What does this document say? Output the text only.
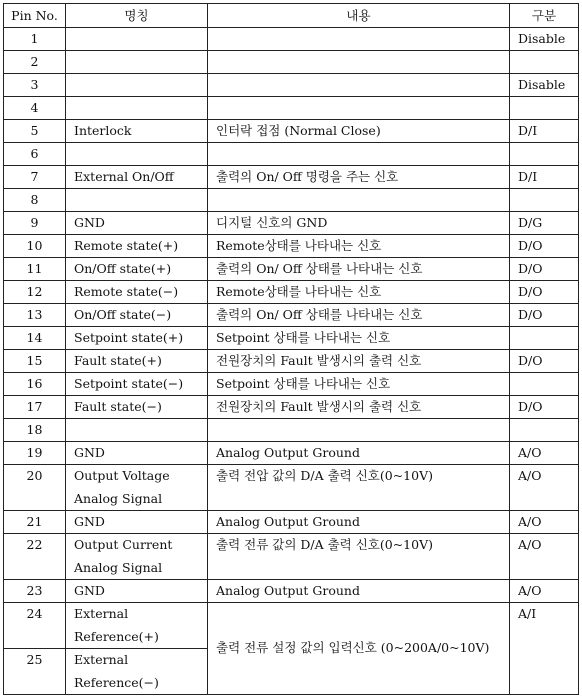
Pin No.	명칭	내용	구분
1			Disable
2			
3			Disable
4			
5	Interlock	인터락 접점 (Normal Close)	D/I
6			
7	External On/Off	출력의 On/ Off 명령을 주는 신호	D/I
8			
9	GND	디지털 신호의 GND	D/G
10	Remote state(+)	Remote상태를 나타내는 신호	D/O
11	On/Off state(+)	출력의 On/ Off 상태를 나타내는 신호	D/O
12	Remote state(−)	Remote상태를 나타내는 신호	D/O
13	On/Off state(−)	출력의 On/ Off 상태를 나타내는 신호	D/O
14	Setpoint state(+)	Setpoint 상태를 나타내는 신호	
15	Fault state(+)	전원장치의 Fault 발생시의 출력 신호	D/O
16	Setpoint state(−)	Setpoint 상태를 나타내는 신호	
17	Fault state(−)	전원장치의 Fault 발생시의 출력 신호	D/O
18			
19	GND	Analog Output Ground	A/O
20	Output Voltage Analog Signal	출력 전압 값의 D/A 출력 신호(0~10V)	A/O
21	GND	Analog Output Ground	A/O
22	Output Current Analog Signal	출력 전류 값의 D/A 출력 신호(0~10V)	A/O
23	GND	Analog Output Ground	A/O
24	External Reference(+)	출력 전류 설정 값의 입력신호 (0~200A/0~10V)	A/I
25	External Reference(−)		
